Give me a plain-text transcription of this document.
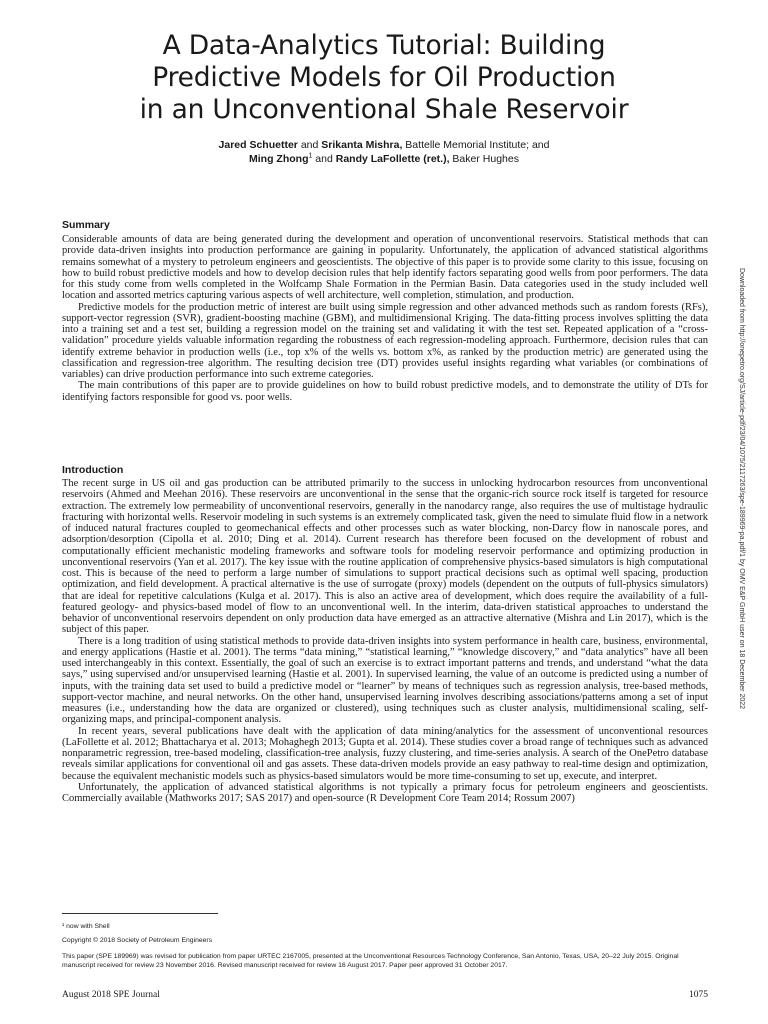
A Data-Analytics Tutorial: Building
Predictive Models for Oil Production
in an Unconventional Shale Reservoir
Jared Schuetter and Srikanta Mishra, Battelle Memorial Institute; and
Ming Zhong$^1$ and Randy LaFollette (ret.), Baker Hughes
Summary

Considerable amounts of data are being generated during the development and operation of unconventional reservoirs. Statistical methods that can provide data-driven insights into production performance are gaining in popularity. Unfortunately, the application of advanced statistical algorithms remains somewhat of a mystery to petroleum engineers and geoscientists. The objective of this paper is to provide some clarity to this issue, focusing on how to build robust predictive models and how to develop decision rules that help identify factors separating good wells from poor performers. The data for this study come from wells completed in the Wolfcamp Shale Formation in the Permian Basin. Data categories used in the study included well location and assorted metrics capturing various aspects of well architecture, well completion, stimulation, and production.

Predictive models for the production metric of interest are built using simple regression and other advanced methods such as random forests (RFs), support-vector regression (SVR), gradient-boosting machine (GBM), and multidimensional Kriging. The data-fitting process involves splitting the data into a training set and a test set, building a regression model on the training set and validating it with the test set. Repeated application of a “cross-validation” procedure yields valuable information regarding the robustness of each regression-modeling approach. Furthermore, decision rules that can identify extreme behavior in production wells (i.e., top x% of the wells vs. bottom x%, as ranked by the production metric) are generated using the classification and regression-tree algorithm. The resulting decision tree (DT) provides useful insights regarding what variables (or combinations of variables) can drive production performance into such extreme categories.

The main contributions of this paper are to provide guidelines on how to build robust predictive models, and to demonstrate the utility of DTs for identifying factors responsible for good vs. poor wells.

Introduction

The recent surge in US oil and gas production can be attributed primarily to the success in unlocking hydrocarbon resources from unconventional reservoirs (Ahmed and Meehan 2016). These reservoirs are unconventional in the sense that the organic-rich source rock itself is targeted for resource extraction. The extremely low permeability of unconventional reservoirs, generally in the nanodarcy range, also requires the use of multistage hydraulic fracturing with horizontal wells. Reservoir modeling in such systems is an extremely complicated task, given the need to simulate fluid flow in a network of induced natural fractures coupled to geomechanical effects and other processes such as water blocking, non-Darcy flow in nanoscale pores, and adsorption/desorption (Cipolla et al. 2010; Ding et al. 2014). Current research has therefore been focused on the development of robust and computationally efficient mechanistic modeling frameworks and software tools for modeling reservoir performance and optimizing production in unconventional reservoirs (Yan et al. 2017). The key issue with the routine application of comprehensive physics-based simulators is high computational cost. This is because of the need to perform a large number of simulations to support practical decisions such as optimal well spacing, production optimization, and field development. A practical alternative is the use of surrogate (proxy) models (dependent on the outputs of full-physics simulators) that are ideal for repetitive calculations (Kulga et al. 2017). This is also an active area of development, which does require the availability of a full-featured geology- and physics-based model of flow to an unconventional well. In the interim, data-driven statistical approaches to understand the behavior of unconventional reservoirs dependent on only production data have emerged as an attractive alternative (Mishra and Lin 2017), which is the subject of this paper.

There is a long tradition of using statistical methods to provide data-driven insights into system performance in health care, business, environmental, and energy applications (Hastie et al. 2001). The terms “data mining,” “statistical learning,” “knowledge discovery,” and “data analytics” have all been used interchangeably in this context. Essentially, the goal of such an exercise is to extract important patterns and trends, and understand “what the data says,” using supervised and/or unsupervised learning (Hastie et al. 2001). In supervised learning, the value of an outcome is predicted using a number of inputs, with the training data set used to build a predictive model or “learner” by means of techniques such as regression analysis, tree-based methods, support-vector machine, and neural networks. On the other hand, unsupervised learning involves describing associations/patterns among a set of input measures (i.e., understanding how the data are organized or clustered), using techniques such as cluster analysis, multidimensional scaling, self-organizing maps, and principal-component analysis.

In recent years, several publications have dealt with the application of data mining/analytics for the assessment of unconventional resources (LaFollette et al. 2012; Bhattacharya et al. 2013; Mohaghegh 2013; Gupta et al. 2014). These studies cover a broad range of techniques such as advanced nonparametric regression, tree-based modeling, classification-tree analysis, fuzzy clustering, and time-series analysis. A search of the OnePetro database reveals similar applications for conventional oil and gas assets. These data-driven models provide an easy pathway to real-time design and optimization, because the equivalent mechanistic models such as physics-based simulators would be more time-consuming to set up, execute, and interpret.

Unfortunately, the application of advanced statistical algorithms is not typically a primary focus for petroleum engineers and geoscientists. Commercially available (Mathworks 2017; SAS 2017) and open-source (R Development Core Team 2014; Rossum 2007)

Downloaded from http://onepetro.org/SJ/article-pdf/23/04/1075/2117263/spe-189969-pa.pdf/1 by OMV E&P GmbH user on 18 December 2022
¹ now with Shell
Copyright © 2018 Society of Petroleum Engineers
This paper (SPE 189969) was revised for publication from paper URTEC 2167005, presented at the Unconventional Resources Technology Conference, San Antonio, Texas, USA, 20–22 July 2015. Original manuscript received for review 23 November 2016. Revised manuscript received for review 16 August 2017. Paper peer approved 31 October 2017.
August 2018 SPE Journal	1075
